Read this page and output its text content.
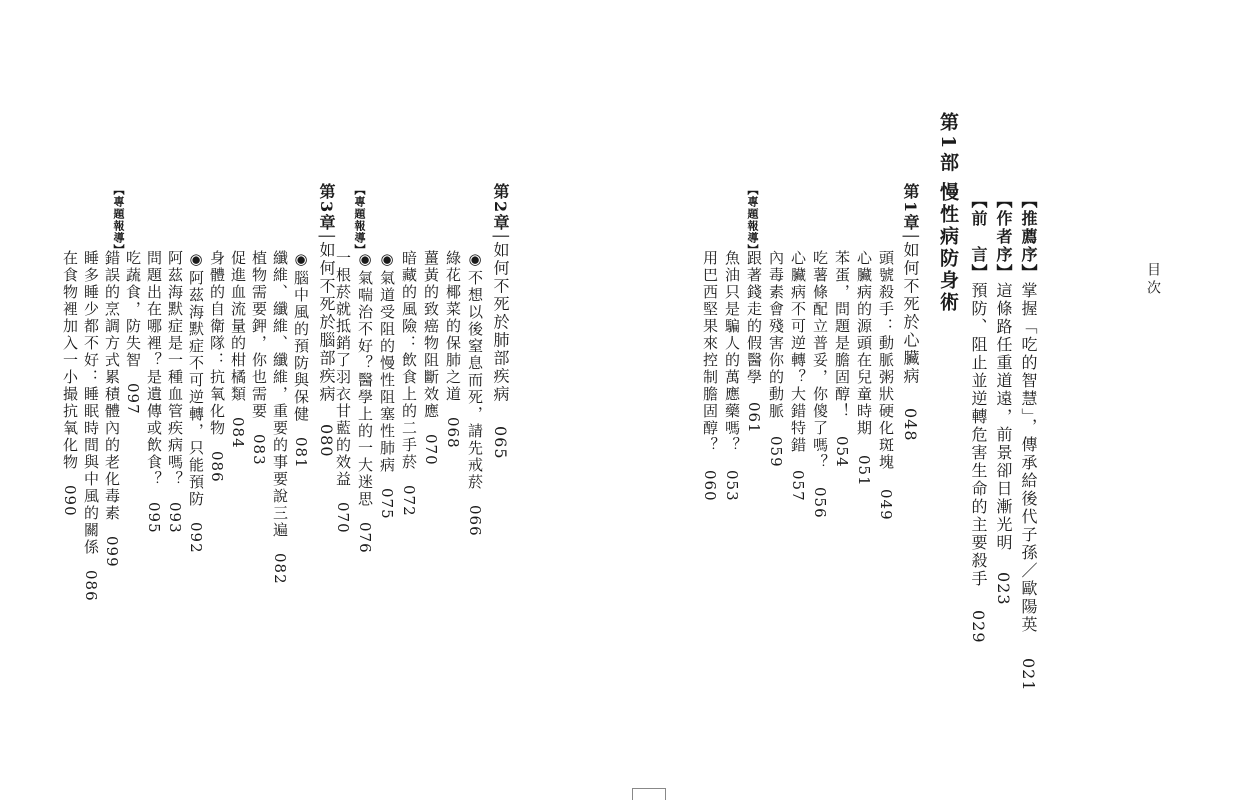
目次
【推薦序】掌握「吃的智慧」，傳承給後代子孫／歐陽英021
【作者序】這條路任重道遠，前景卻日漸光明023
【前　言】預防、阻止並逆轉危害生命的主要殺手029
第1部
慢性病防身術
第1章│如何不死於心臟病048
頭號殺手：動脈粥狀硬化斑塊049
心臟病的源頭在兒童時期051
苯蛋，問題是膽固醇！054
吃薯條配立普妥，你傻了嗎？056
心臟病不可逆轉？大錯特錯057
內毒素會殘害你的動脈059
跟著錢走的假醫學061
【專題報導】
魚油只是騙人的萬應藥嗎？053
用巴西堅果來控制膽固醇？060
第2章│如何不死於肺部疾病065
◉不想以後窒息而死，請先戒菸066
綠花椰菜的保肺之道068
薑黃的致癌物阻斷效應070
暗藏的風險：飲食上的二手菸072
◉氣道受阻的慢性阻塞性肺病075
◉氣喘治不好？醫學上的一大迷思076
【專題報導】
一根菸就抵銷了羽衣甘藍的效益070
第3章│如何不死於腦部疾病080
◉腦中風的預防與保健081
纖維、纖維、纖維，重要的事要說三遍082
植物需要鉀，你也需要083
促進血流量的柑橘類084
身體的自衛隊：抗氧化物086
◉阿茲海默症不可逆轉，只能預防092
阿茲海默症是一種血管疾病嗎？093
問題出在哪裡？是遺傳或飲食？095
吃蔬食，防失智097
【專題報導】
錯誤的烹調方式累積體內的老化毒素099
睡多睡少都不好：睡眠時間與中風的關係086
在食物裡加入一小撮抗氧化物090
